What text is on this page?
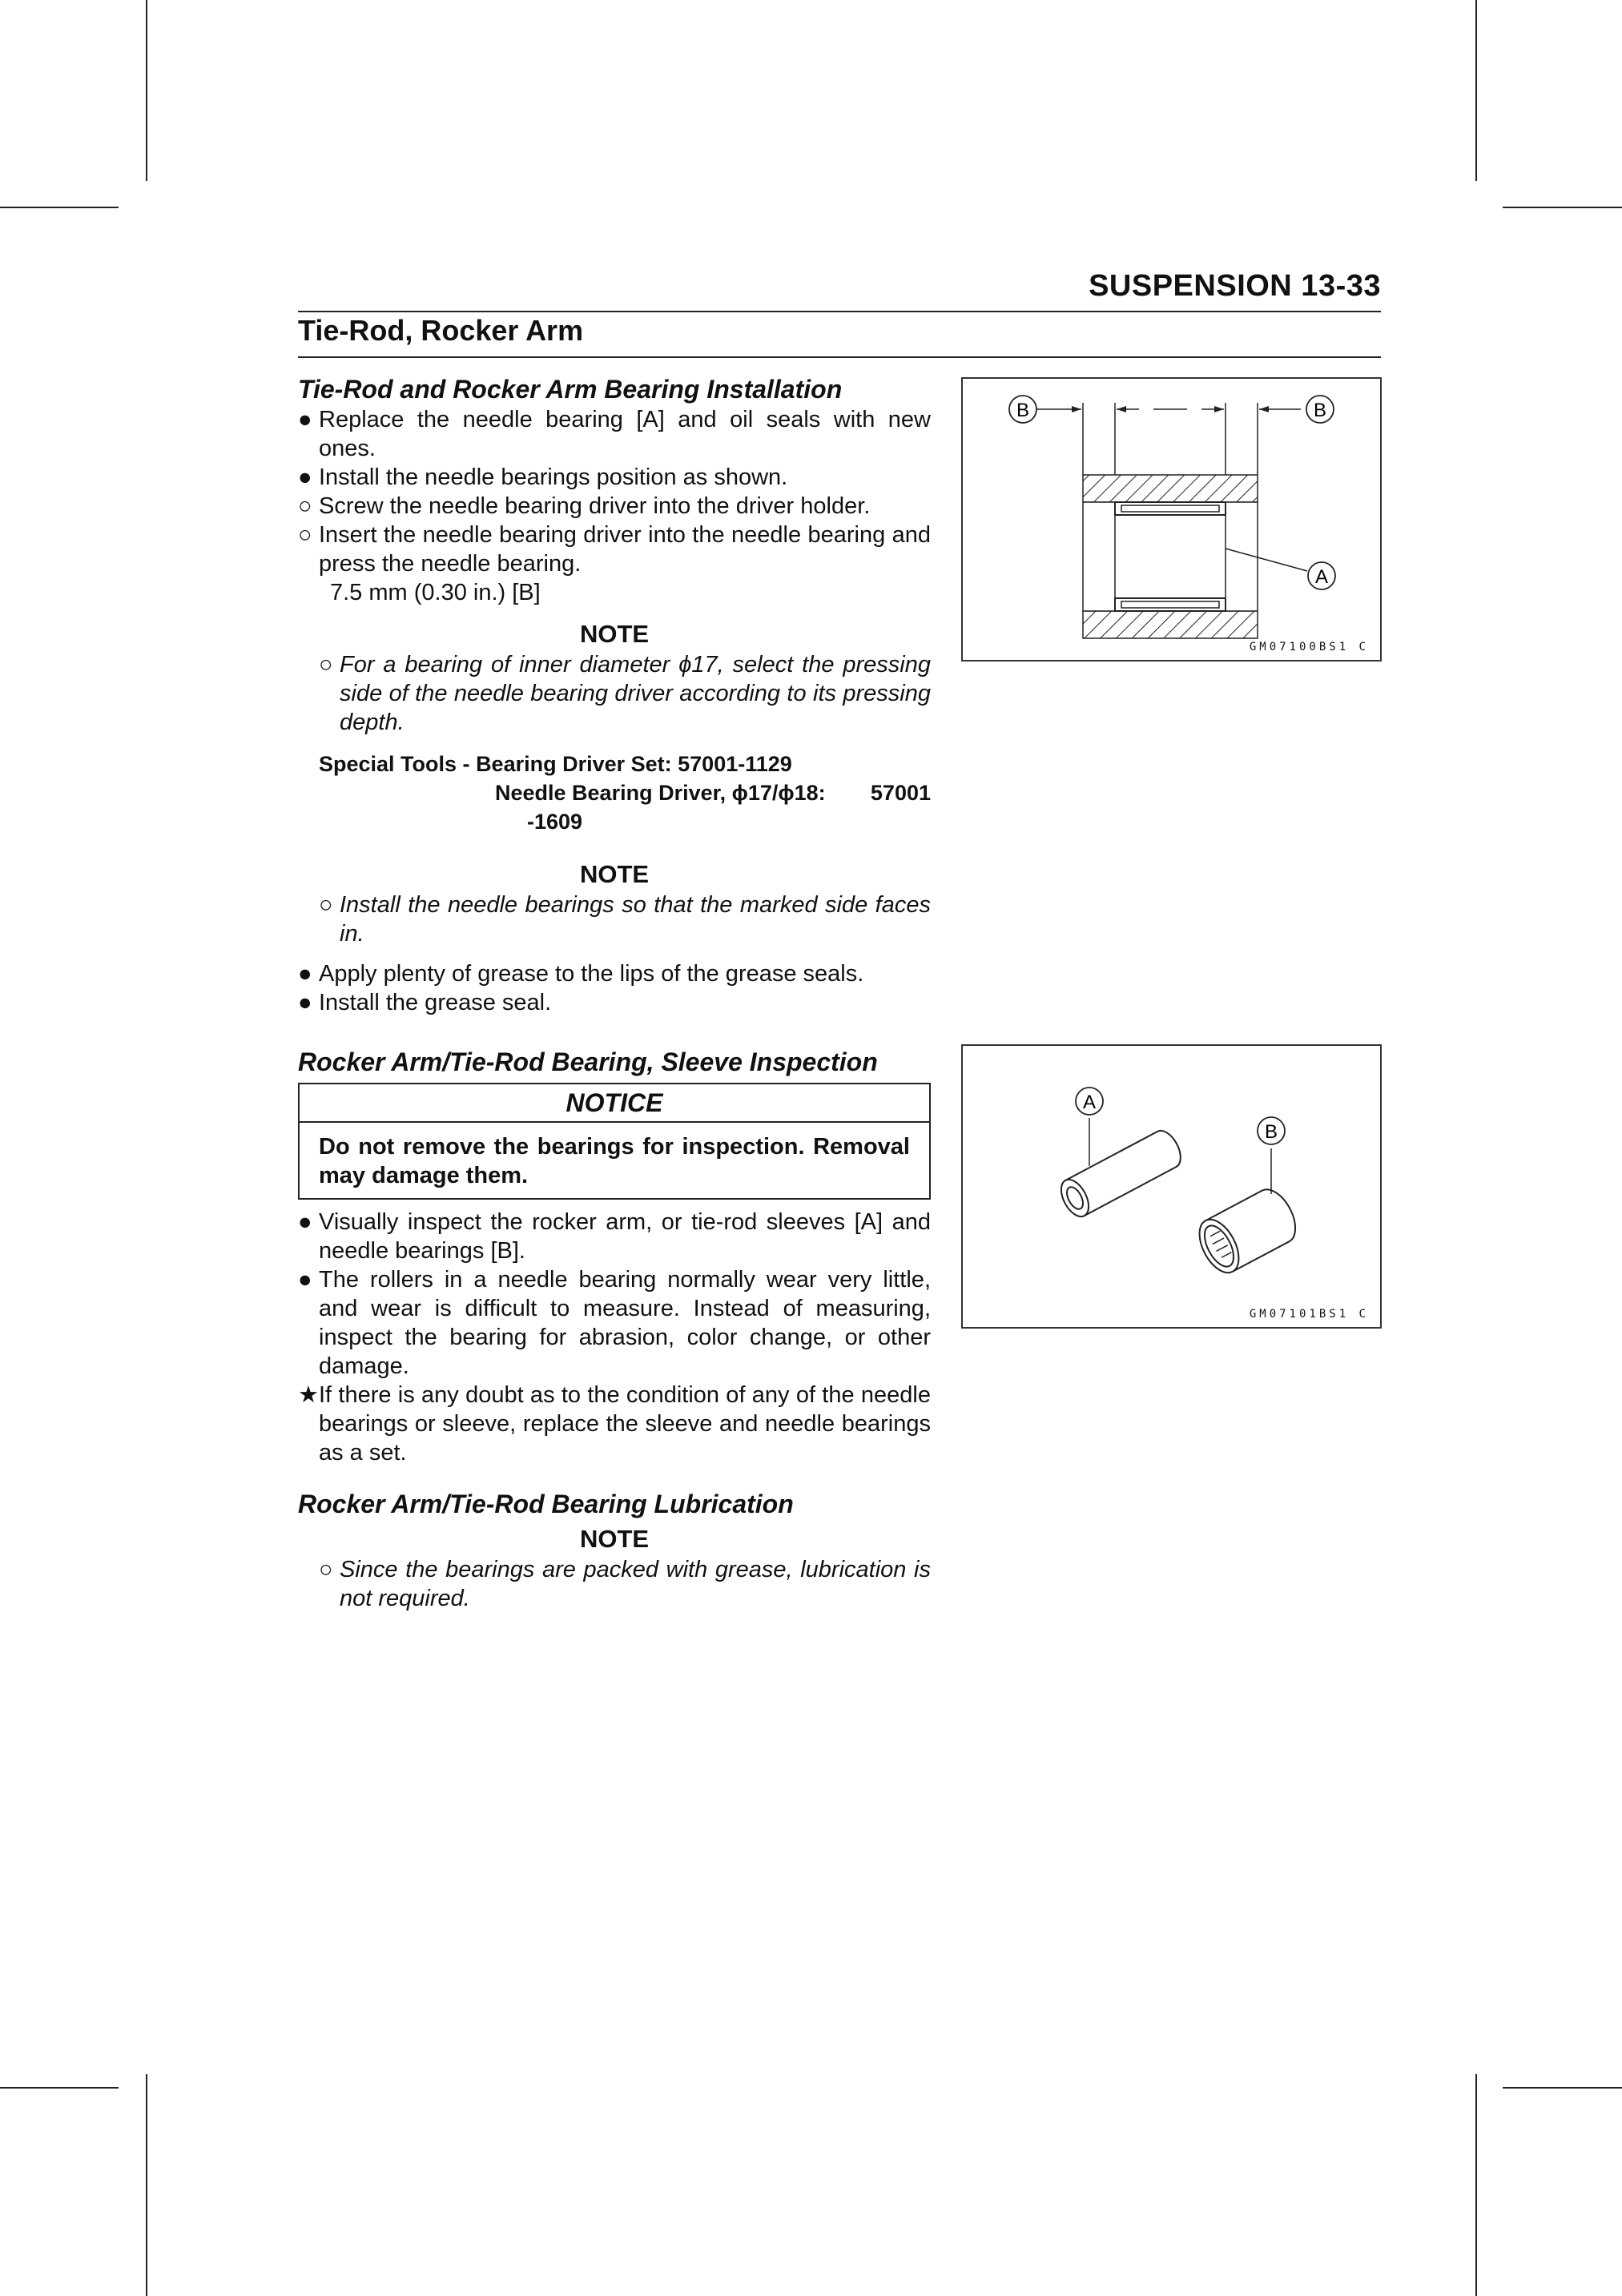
SUSPENSION 13-33
Tie-Rod, Rocker Arm
Tie-Rod and Rocker Arm Bearing Installation
● Replace the needle bearing [A] and oil seals with new ones.
● Install the needle bearings position as shown.
○ Screw the needle bearing driver into the driver holder.
○ Insert the needle bearing driver into the needle bearing and press the needle bearing.
7.5 mm (0.30 in.) [B]
NOTE
○ For a bearing of inner diameter ϕ17, select the pressing side of the needle bearing driver according to its pressing depth.
Special Tools - Bearing Driver Set: 57001-1129
Needle Bearing Driver, ϕ17/ϕ18: 57001
-1609
NOTE
○ Install the needle bearings so that the marked side faces in.
● Apply plenty of grease to the lips of the grease seals.
● Install the grease seal.
Rocker Arm/Tie-Rod Bearing, Sleeve Inspection
NOTICE
Do not remove the bearings for inspection. Removal may damage them.
● Visually inspect the rocker arm, or tie-rod sleeves [A] and needle bearings [B].
● The rollers in a needle bearing normally wear very little, and wear is difficult to measure. Instead of measuring, inspect the bearing for abrasion, color change, or other damage.
★ If there is any doubt as to the condition of any of the needle bearings or sleeve, replace the sleeve and needle bearings as a set.
Rocker Arm/Tie-Rod Bearing Lubrication
NOTE
○ Since the bearings are packed with grease, lubrication is not required.
B	B
A
GM07100BS1 C
A
B
GM07101BS1 C
